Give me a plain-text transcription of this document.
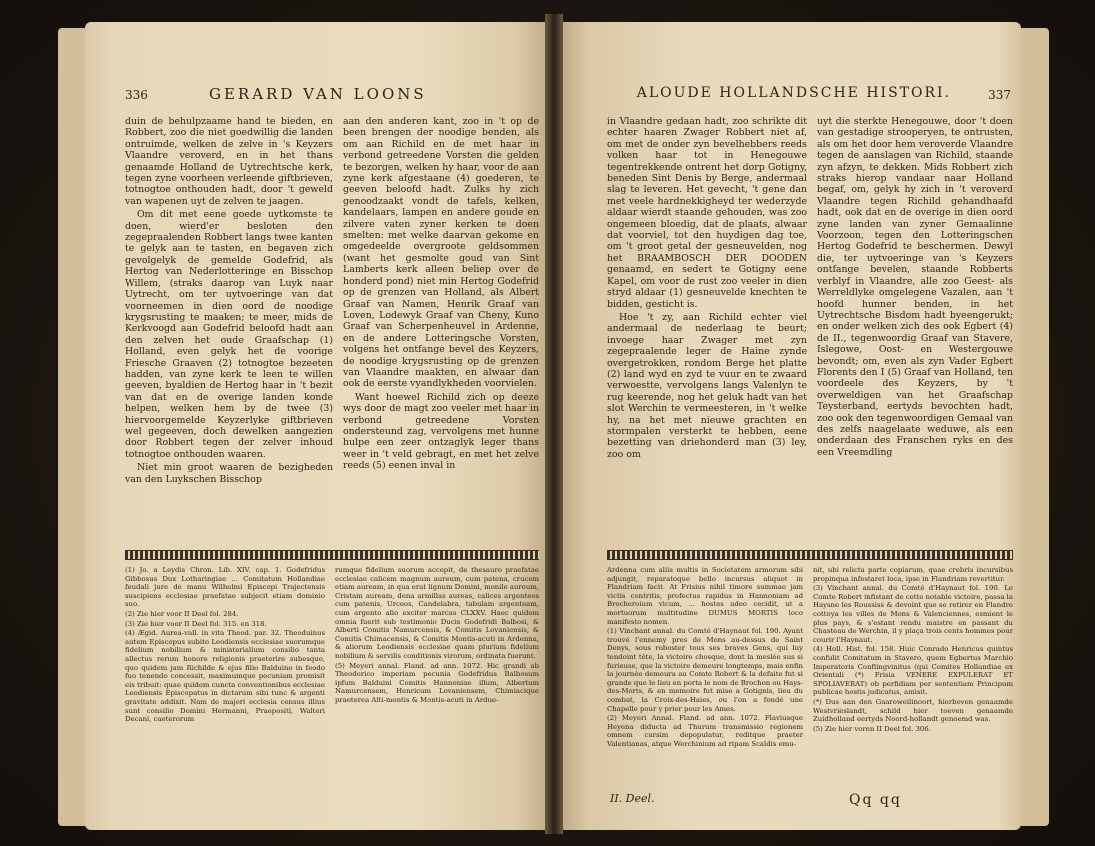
336	GERARD VAN LOONS

duin de behulpzaame hand te bieden, en Robbert, zoo die niet goedwillig die landen ontruimde, welken de zelve in 's Keyzers Vlaandre veroverd, en in het thans genaamde Holland de Uytrechtsche kerk, tegen zyne voorheen verleende giftbrieven, totnogtoe onthouden hadt, door 't geweld van wapenen uyt de zelven te jaagen.

Om dit met eene goede uytkomste te doen, wierd'er besloten den zegepraalenden Robbert langs twee kanten te gelyk aan te tasten, en begaven zich gevolgelyk de gemelde Godefrid, als Hertog van Nederlotteringe en Bisschop Willem, (straks daarop van Luyk naar Uytrecht, om ter uytvoeringe van dat voorneemen in dien oord de noodige krygsrusting te maaken; te meer, mids de Kerkvoogd aan Godefrid beloofd hadt aan den zelven het oude Graafschap (1) Holland, even gelyk het de voorige Friesche Graaven (2) totnogtoe bezeeten hadden, van zyne kerk te leen te willen geeven, byaldien de Hertog haar in 't bezit van dat en de overige landen konde helpen, welken hem by de twee (3) hiervoorgemelde Keyzerlyke giftbrieven wel gegeeven, doch dewelken aangezien door Robbert tegen der zelver inhoud totnogtoe onthouden waaren.

Niet min groot waaren de bezigheden van den Luykschen Bisschop

aan den anderen kant, zoo in 't op de been brengen der noodige benden, als om aan Richild en de met haar in verbond getreedene Vorsten die gelden te bezorgen, welken hy haar, voor de aan zyne kerk afgestaane (4) goederen, te geeven beloofd hadt. Zulks hy zich genoodzaakt vondt de tafels, kelken, kandelaars, lampen en andere goude en zilvere vaten zyner kerken te doen smelten: met welke daarvan gekome en omgedeelde overgroote geldsommen (want het gesmolte goud van Sint Lamberts kerk alleen beliep over de honderd pond) niet min Hertog Godefrid op de grenzen van Holland, als Albert Graaf van Namen, Henrik Graaf van Loven, Lodewyk Graaf van Cheny, Kuno Graaf van Scherpenheuvel in Ardenne, en de andere Lotteringsche Vorsten, volgens het ontfange bevel des Keyzers, de noodige krygsrusting op de grenzen van Vlaandre maakten, en alwaar dan ook de eerste vyandlykheden voorvielen.

Want hoewel Richild zich op deeze wys door de magt zoo veeler met haar in verbond getreedene Vorsten ondersteund zag, vervolgens met hunne hulpe een zeer ontzaglyk leger thans weer in 't veld gebragt, en met het zelve reeds (5) eenen inval in

(1) Jo. a Leydis Chron. Lib. XIV. cap. 1. Godefridus Gibbosus Dux Lotharingiae ... Comitatum Hollandiae feudali jure de manu Wilhelmi Episcopi Trajectensis suscipiens ecclesiae praefatae subjecit etiam dominio suo.

(2) Zie hier voor II Deel fol. 284.

(3) Zie hier voor II Deel fol. 315. en 318.

(4) Ægid. Aurea-vall. in vita Theod. par. 32. Theoduinus autem Episcopus subito Leodiensis ecclesiae suorumque fidelium nobilium & ministerialium consilio tanta allectus rerum honore religionis praeterire subesque, quo quidem jam Richilde & ejus filio Balduino in feodo fuo tenendo concessit, maximumque pecuniam promisit eis tribuit: quae quidem cuncta conventionibus ecclesiae Leodiensis Episcopatus in dictarum sibi tunc & argenti gravitate addixit. Nam de majori ecclesia census illius sunt consilio Domini Hermanni, Praepositi, Walteri Decani, caeterorum

rumque fidelium suorum accepit, de thesauro praefatae ecclesiae calicem magnum aureum, cum patena, crucem etiam auream, in qua erat lignum Domini, monile aureum, Cristam auream, dena armillas aureas, calices argenteos cum patenis, Urceos, Candelabra, tabulam argenteam, cum argento alio exciter marcas CLXXV. Haec quidem omnia fuerit sub testimonio Ducis Godefridi Balbosi, & Alberti Comitis Namurcensis, & Comitis Lovaniensis, & Comitis Chimacensis, & Comitis Montis-acuti in Ardenna, & aliorum Leodiensis ecclesiae quam plurium fidelium nobilium & servilis conditionis virorum, ordinata fuerunt.

(5) Meyeri annal. Fland. ad ann. 1072. Hic grandi ab Theodorico imperiam pecunia Godefridus Balbosum ipfum Balduini Comitis Hannoniae illum, Albertum Namurcensem, Henricum Lovaniensem, Chimiacique praeterea Alti-montis & Montis-acuti in Ardue-

ALOUDE HOLLANDSCHE HISTORI.	337

in Vlaandre gedaan hadt, zoo schrikte dit echter haaren Zwager Robbert niet af, om met de onder zyn bevelhebbers reeds volken haar tot in Henegouwe tegentrekkende ontrent het dorp Gotigny, beneden Sint Denis by Berge, andermaal slag te leveren. Het gevecht, 't gene dan met veele hardnekkigheyd ter wederzyde aldaar wierdt staande gehouden, was zoo ongemeen bloedig, dat de plaats, alwaar dat voorviel, tot den huydigen dag toe, om 't groot getal der gesneuvelden, nog het BRAAMBOSCH DER DOODEN genaamd, en sedert te Gotigny eene Kapel, om voor de rust zoo veeler in dien stryd aldaar (1) gesneuvelde knechten te bidden, gesticht is.

Hoe 't zy, aan Richild echter viel andermaal de nederlaag te beurt; invoege haar Zwager met zyn zegepraalende leger de Haine zynde overgetrokken, rondom Berge het platte (2) land wyd en zyd te vuur en te zwaard verwoestte, vervolgens langs Valenlyn te rug keerende, nog het geluk hadt van het slot Werchin te vermeesteren, in 't welke hy, na het met nieuwe grachten en stormpalen versterkt te hebben, eene bezetting van driehonderd man (3) ley, zoo om

uyt die sterkte Henegouwe, door 't doen van gestadige strooperyen, te ontrusten, als om het door hem veroverde Vlaandre tegen de aanslagen van Richild, staande zyn afzyn, te dekken. Mids Robbert zich straks hierop vandaar naar Holland begaf, om, gelyk hy zich in 't veroverd Vlaandre tegen Richild gehandhaafd hadt, ook dat en de overige in dien oord zyne landen van zyner Gemaalinne Voorzoon, tegen den Lotteringschen Hertog Godefrid te beschermen. Dewyl die, ter uytvoeringe van 's Keyzers ontfange bevelen, staande Robberts verblyf in Vlaandre, alle zoo Geest- als Werreldlyke omgelegene Vazalen, aan 't hoofd hunner benden, in het Uytrechtsche Bisdom hadt byeengerukt; en onder welken zich des ook Egbert (4) de II., tegenwoordig Graaf van Stavere, Islegowe, Oost- en Westergouwe bevondt; om, even als zyn Vader Egbert Florents den I (5) Graaf van Holland, ten voordeele des Keyzers, by 't overweldigen van het Graafschap Teysterband, eertyds bevochten hadt, zoo ook den tegenwoordigen Gemaal van des zelfs naagelaate weduwe, als een onderdaan des Franschen ryks en des een Vreemdling

Ardenna cum aliis multis in Societatem armorum sibi adjungit, reparatoque bello incursus aliquot in Flandriam facit. At Frisius nihil timore summae jam victis contritis, profectus rapidus in Hannoniam ad Brocheroium vicum, ... hostes adeo cecidit, ut a mortuorum multitudine DUMUS MORTIS loco manifesto nomen.

(1) Vinchant annal. du Comté d'Haynaut fol. 190. Ayant trouvé l'ennemy pres de Mons au-dessus de Saint Denys, sous roboster tous ses braves Gens, qui luy tendoint tête, la victoire chosque, dont la meslée sus si furieuse, que la victoire demeure longtemps, mais enfin la journée demeura au Comte Robert & la defaite fut si grande que le lieu en porta le nom de Brochon ou Hays-des-Morts, & en memoire fut mise a Gotignis, lieu du combat, la Croix-des-Haies, ou l'on a fondé une Chapelle pour y prier pour les Ames.

(2) Meyeri Annal. Fland. ad ann. 1072. Flaviusque Heyena diducta ad Thurum transmissio regionem omnem cursim depopulatur, reditque praeter Valentianas, atque Werchinium ad ripam Scaldis emu-

nit, ubi relicta parte copiarum, quae crebris incursibus propinqua infestaret loca, ipse in Flandriam revertitur.

(3) Vinchant annal. du Comté d'Haynaut fol. 190. Le Comte Robert infistant de cette notable victoire, passa la Haysne les Roussiss & devoint que se retirer en Flandre cottoya les villes de Mons & Valenciennes, esmient le plus pays, & s'estant rendu maistre en passant du Chasteau de Werchin, il y plaça trois cents hommes pour courir l'Haynaut.

(4) Holl. Hist. fol. 158. Huic Conrado Henricus quintus confulit Comitatum in Stavero, quem Egbertus Marchio Imperatoris Conflingvinitus (qui Comites Hollandiae ex Orientali (*) Frisia VENERE EXPULERAT ET SPOLIAVERAT) ob perfidiam per sententiam Principum publicae hostis judicatus, amisit.

(*) Dus aan den Gaaroweilinoort, hierboven genaamde Westvrieslandt, schild hier toeven genaamde Zuidholland eertyds Noord-hollandt genoemd was.

(5) Zie hier voren II Deel fol. 306.

II. Deel.	Qq qq
